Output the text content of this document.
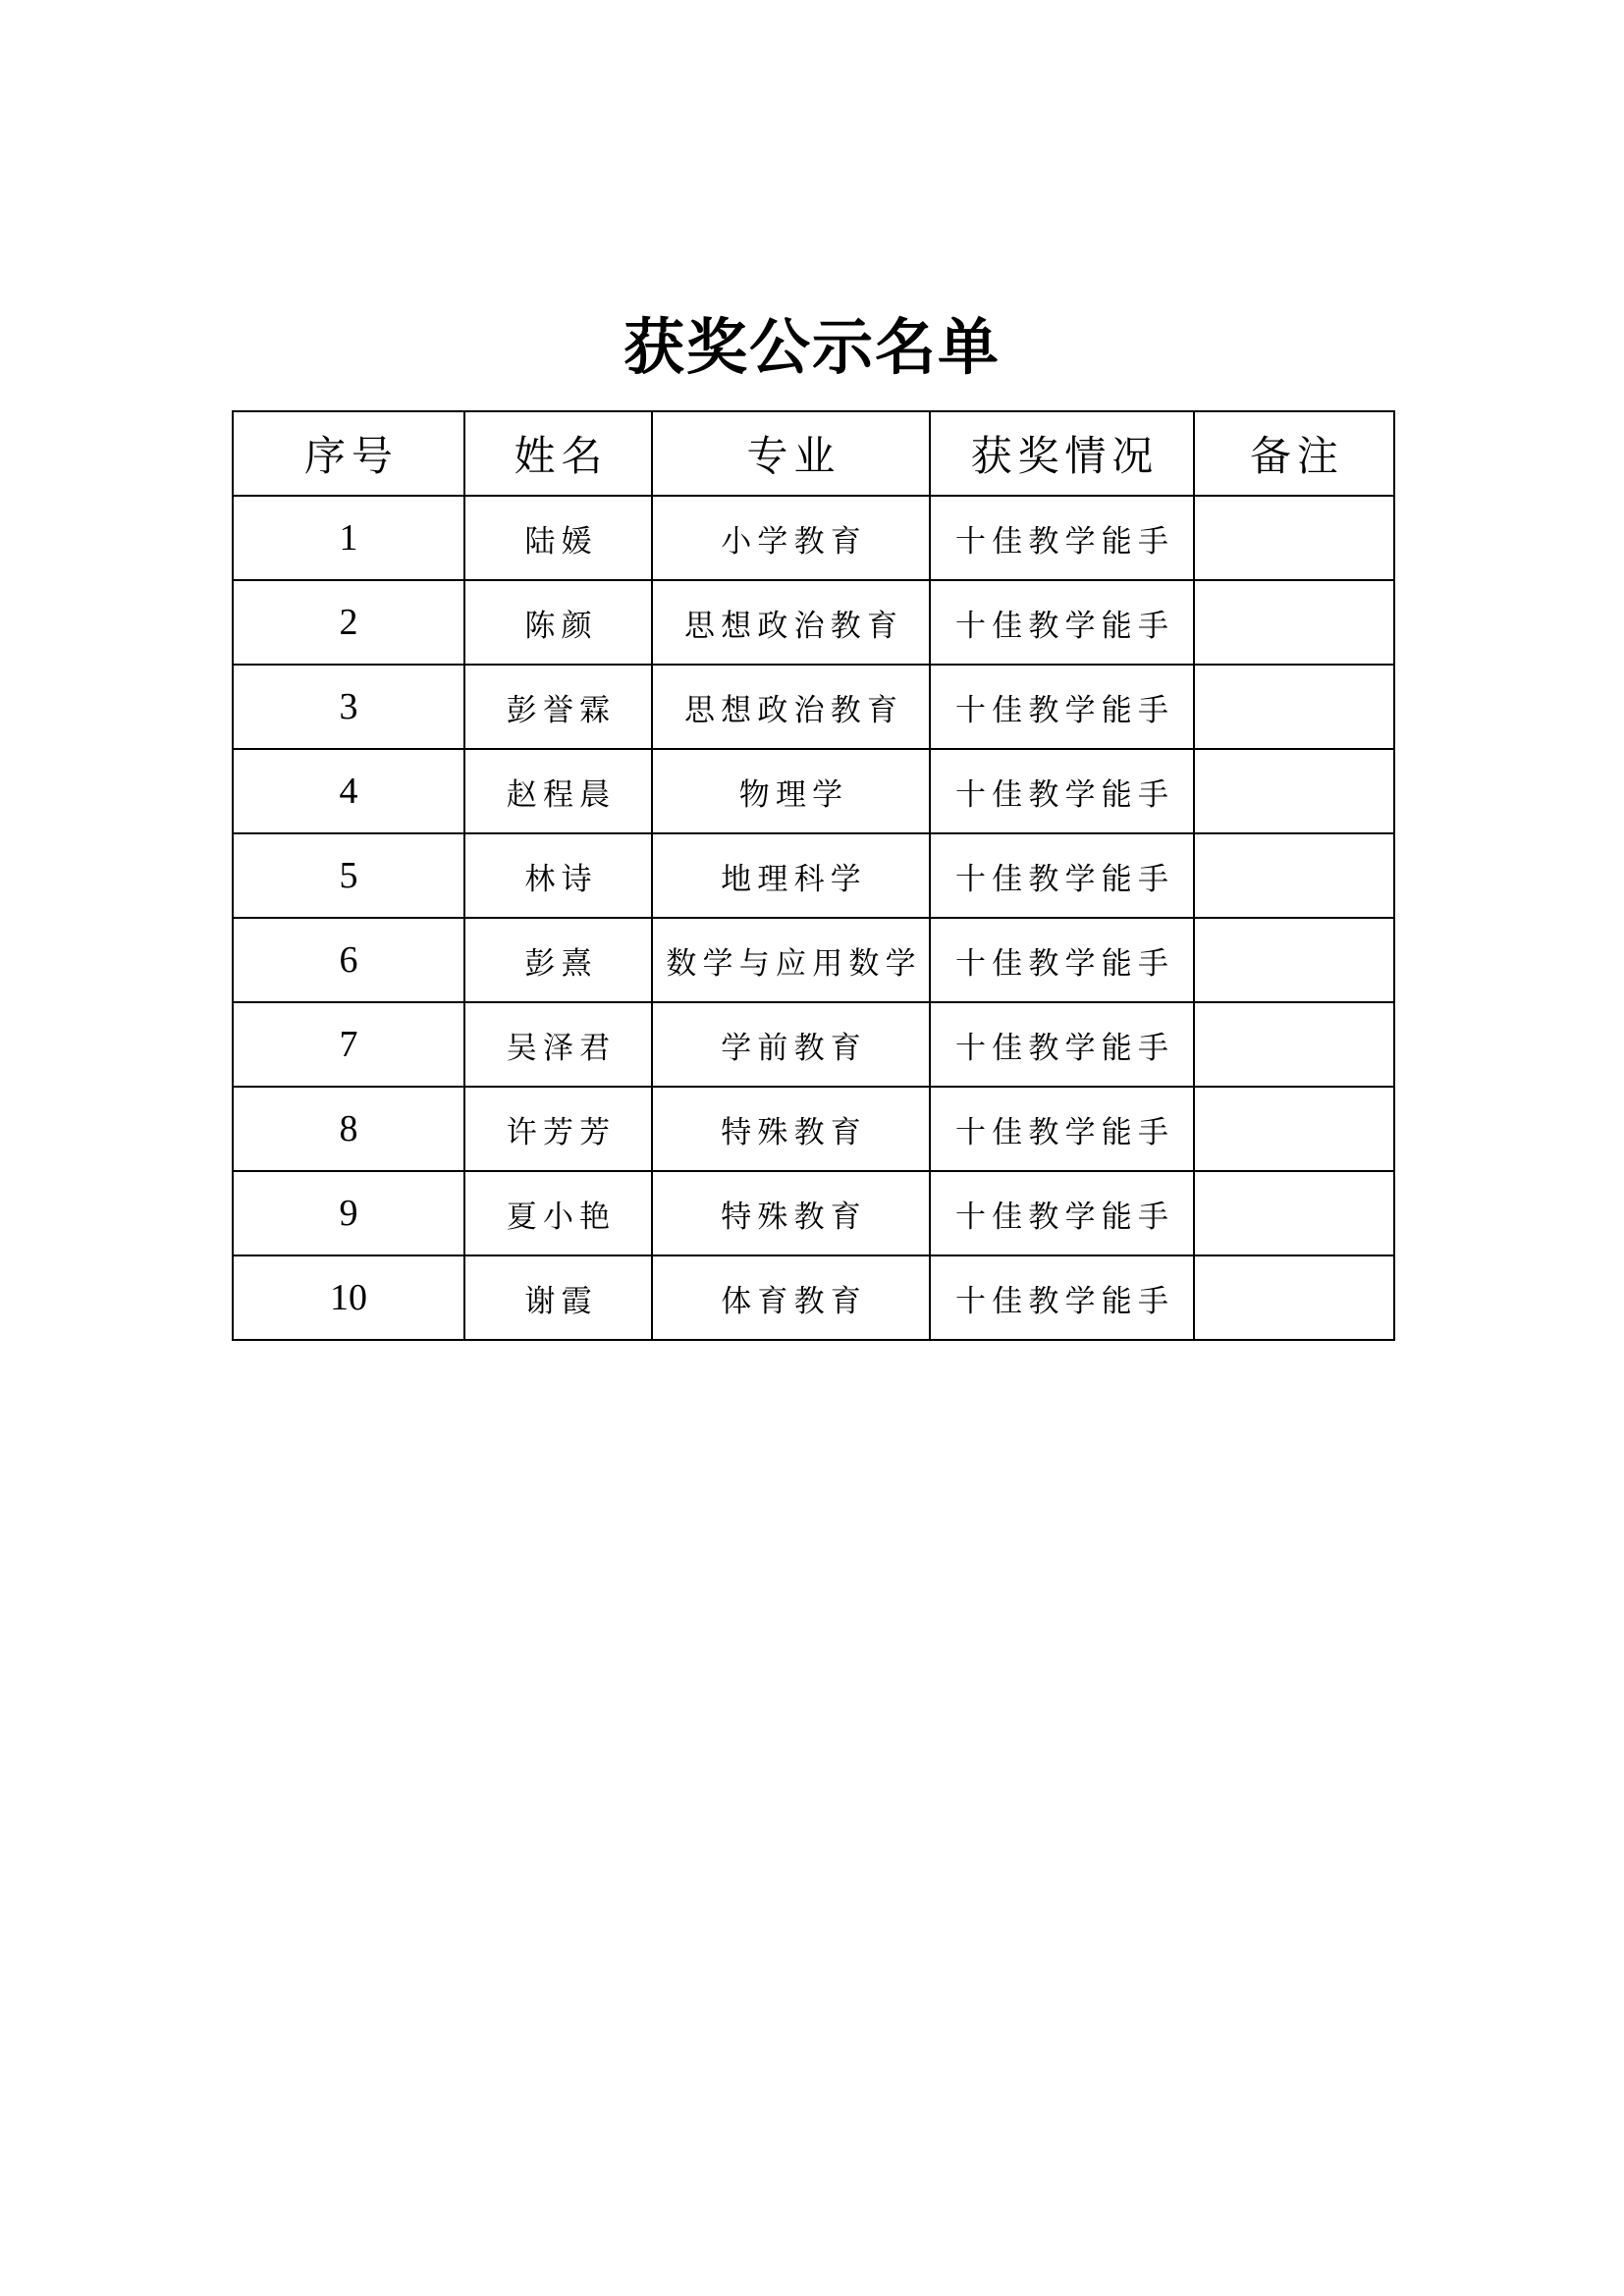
获奖公示名单
序号	姓名	专业	获奖情况	备注
1	陆媛	小学教育	十佳教学能手	
2	陈颜	思想政治教育	十佳教学能手	
3	彭誉霖	思想政治教育	十佳教学能手	
4	赵程晨	物理学	十佳教学能手	
5	林诗	地理科学	十佳教学能手	
6	彭熹	数学与应用数学	十佳教学能手	
7	吴泽君	学前教育	十佳教学能手	
8	许芳芳	特殊教育	十佳教学能手	
9	夏小艳	特殊教育	十佳教学能手	
10	谢霞	体育教育	十佳教学能手	
